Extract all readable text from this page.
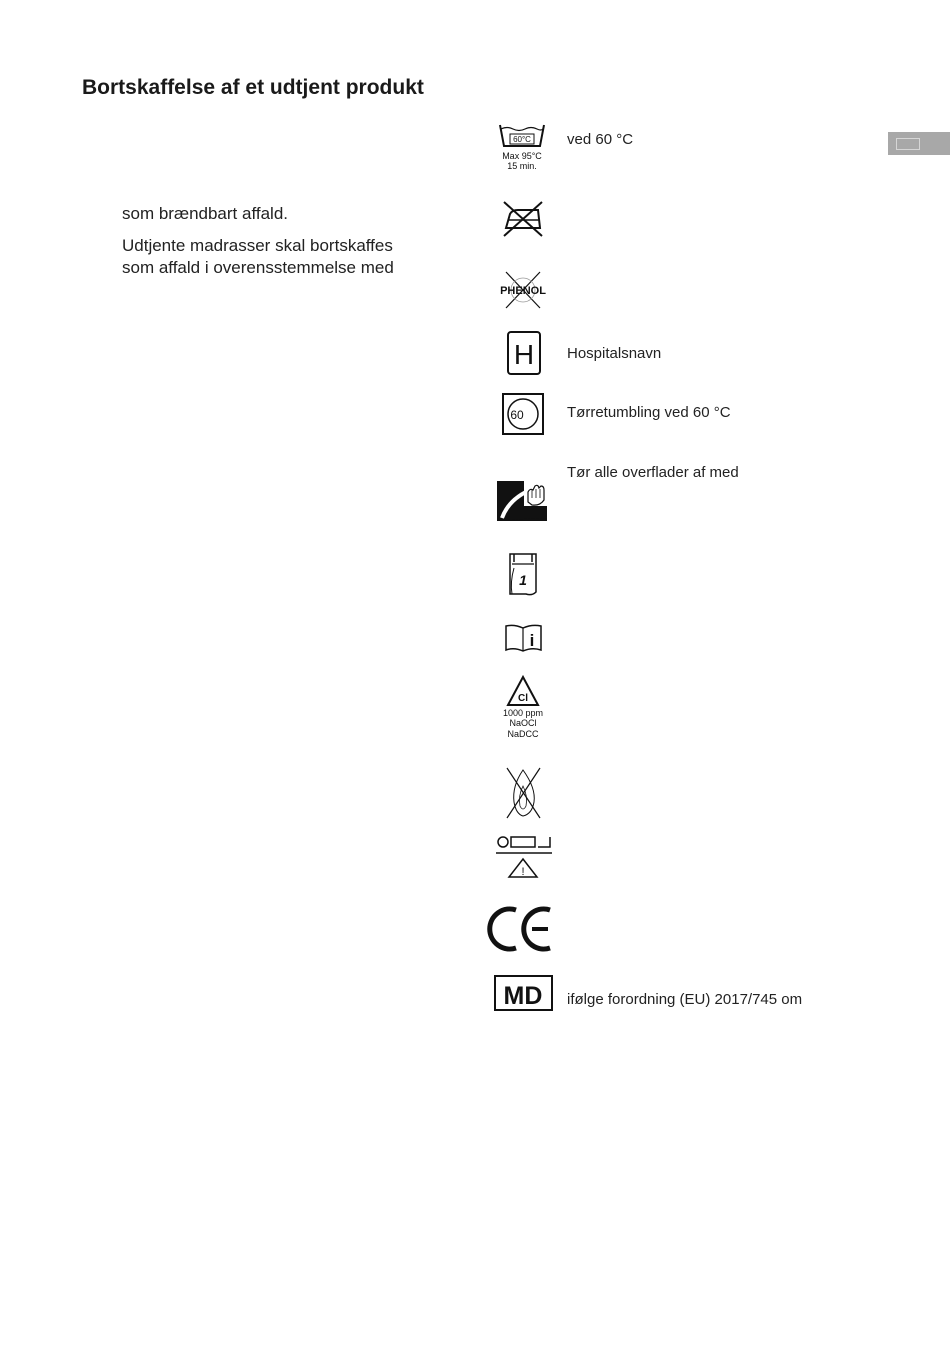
Bortskaffelse af et udtjent produkt
som brændbart affald.
Udtjente madrasser skal bortskaffes
som affald i overensstemmelse med
60°C
Max 95°C
15 min.
ved 60 °C
PHENOL
H Hospitalsnavn
60	Tørretumbling ved 60 °C
Tør alle overflader af med
1
i
Cl
1000 ppm
NaOCl
NaDCC
!
MD ifølge forordning (EU) 2017/745 om
